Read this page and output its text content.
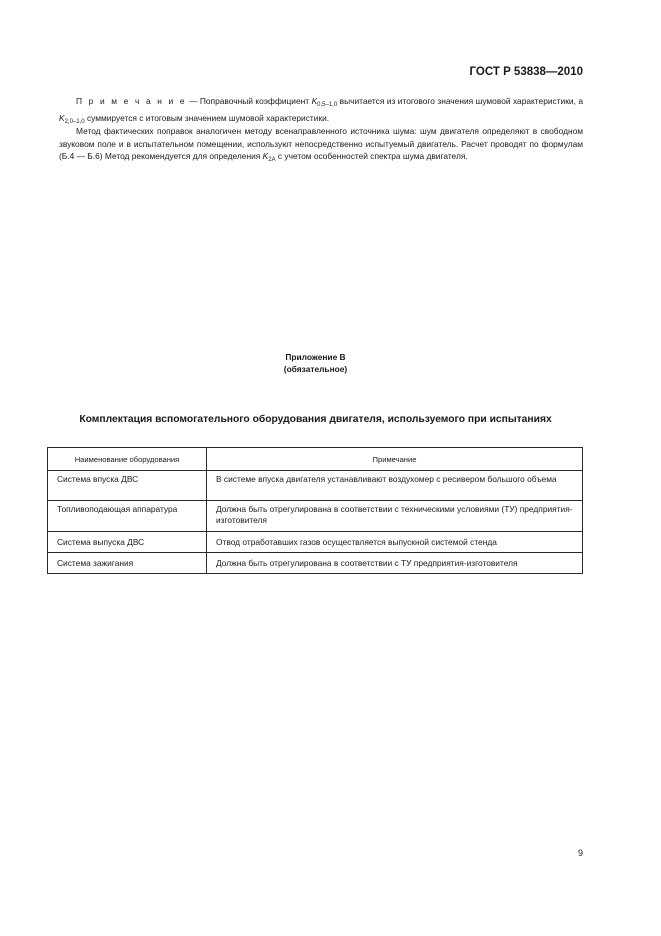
ГОСТ Р 53838—2010

П р и м е ч а н и е — Поправочный коэффициент $K_{0,5-1,0}$ вычитается из итогового значения шумовой характеристики, а $K_{2,0-1,0}$ суммируется с итоговым значением шумовой характеристики.

Метод фактических поправок аналогичен методу всенаправленного источника шума: шум двигателя определяют в свободном звуковом поле и в испытательном помещении, используют непосредственно испытуемый двигатель. Расчет проводят по формулам (Б.4 — Б.6) Метод рекомендуется для определения $K_{2А}$ с учетом особенностей спектра шума двигателя.

Приложение В
(обязательное)
Комплектация вспомогательного оборудования двигателя, используемого при испытаниях
Наименование оборудования	Примечание
Система впуска ДВС	В системе впуска двигателя устанавливают воздухомер с ресивером большого объема
Топливоподающая аппаратура	Должна быть отрегулирована в соответствии с техническими условиями (ТУ) предприятия-изготовителя
Система выпуска ДВС	Отвод отработавших газов осуществляется выпускной системой стенда
Система зажигания	Должна быть отрегулирована в соответствии с ТУ предприятия-изготовителя
9
